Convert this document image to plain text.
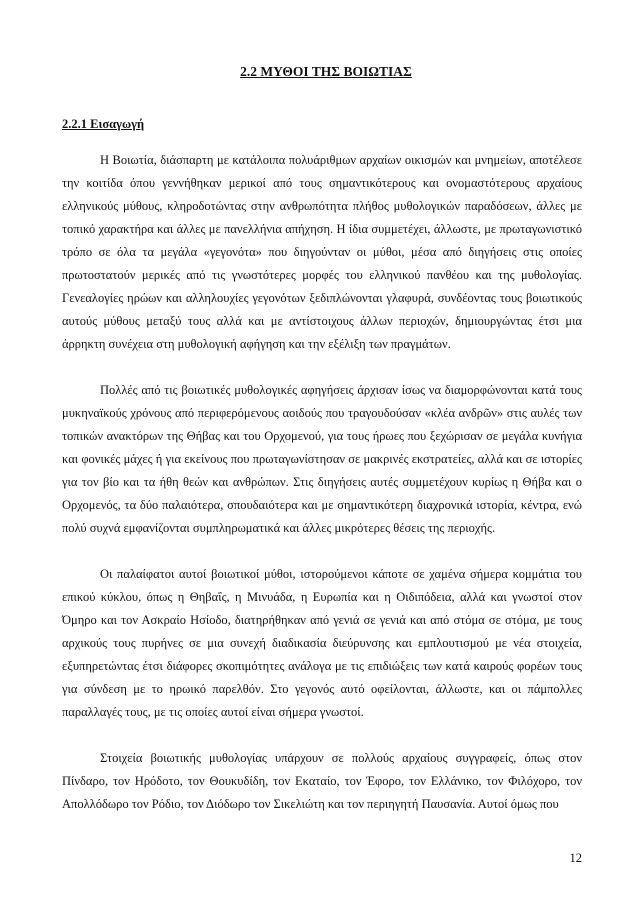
2.2 ΜΥΘΟΙ ΤΗΣ ΒΟΙΩΤΙΑΣ
2.2.1 Εισαγωγή

Η Βοιωτία, διάσπαρτη με κατάλοιπα πολυάριθμων αρχαίων οικισμών και μνημείων, αποτέλεσε την κοιτίδα όπου γεννήθηκαν μερικοί από τους σημαντικότερους και ονομαστότερους αρχαίους ελληνικούς μύθους, κληροδοτώντας στην ανθρωπότητα πλήθος μυθολογικών παραδόσεων, άλλες με τοπικό χαρακτήρα και άλλες με πανελλήνια απήχηση. Η ίδια συμμετέχει, άλλωστε, με πρωταγωνιστικό τρόπο σε όλα τα μεγάλα «γεγονότα» που διηγούνταν οι μύθοι, μέσα από διηγήσεις στις οποίες πρωτοστατούν μερικές από τις γνωστότερες μορφές του ελληνικού πανθέου και της μυθολογίας. Γενεαλογίες ηρώων και αλληλουχίες γεγονότων ξεδιπλώνονται γλαφυρά, συνδέοντας τους βοιωτικούς αυτούς μύθους μεταξύ τους αλλά και με αντίστοιχους άλλων περιοχών, δημιουργώντας έτσι μια άρρηκτη συνέχεια στη μυθολογική αφήγηση και την εξέλιξη των πραγμάτων.

Πολλές από τις βοιωτικές μυθολογικές αφηγήσεις άρχισαν ίσως να διαμορφώνονται κατά τους μυκηναϊκούς χρόνους από περιφερόμενους αοιδούς που τραγουδούσαν «κλέα ανδρῶν» στις αυλές των τοπικών ανακτόρων της Θήβας και του Ορχομενού, για τους ήρωες που ξεχώρισαν σε μεγάλα κυνήγια και φονικές μάχες ή για εκείνους που πρωταγωνίστησαν σε μακρινές εκστρατείες, αλλά και σε ιστορίες για τον βίο και τα ήθη θεών και ανθρώπων. Στις διηγήσεις αυτές συμμετέχουν κυρίως η Θήβα και ο Ορχομενός, τα δύο παλαιότερα, σπουδαιότερα και με σημαντικότερη διαχρονικά ιστορία, κέντρα, ενώ πολύ συχνά εμφανίζονται συμπληρωματικά και άλλες μικρότερες θέσεις της περιοχής.

Οι παλαίφατοι αυτοί βοιωτικοί μύθοι, ιστορούμενοι κάποτε σε χαμένα σήμερα κομμάτια του επικού κύκλου, όπως η Θηβαΐς, η Μινυάδα, η Ευρωπία και η Οιδιπόδεια, αλλά και γνωστοί στον Όμηρο και τον Ασκραίο Ησίοδο, διατηρήθηκαν από γενιά σε γενιά και από στόμα σε στόμα, με τους αρχικούς τους πυρήνες σε μια συνεχή διαδικασία διεύρυνσης και εμπλουτισμού με νέα στοιχεία, εξυπηρετώντας έτσι διάφορες σκοπιμότητες ανάλογα με τις επιδιώξεις των κατά καιρούς φορέων τους για σύνδεση με το ηρωικό παρελθόν. Στο γεγονός αυτό οφείλονται, άλλωστε, και οι πάμπολλες παραλλαγές τους, με τις οποίες αυτοί είναι σήμερα γνωστοί.

Στοιχεία βοιωτικής μυθολογίας υπάρχουν σε πολλούς αρχαίους συγγραφείς, όπως στον Πίνδαρο, τον Ηρόδοτο, τον Θουκυδίδη, τον Εκαταίο, τον Έφορο, τον Ελλάνικο, τον Φιλόχορο, τον Απολλόδωρο τον Ρόδιο, τον Διόδωρο τον Σικελιώτη και τον περιηγητή Παυσανία. Αυτοί όμως που

12
